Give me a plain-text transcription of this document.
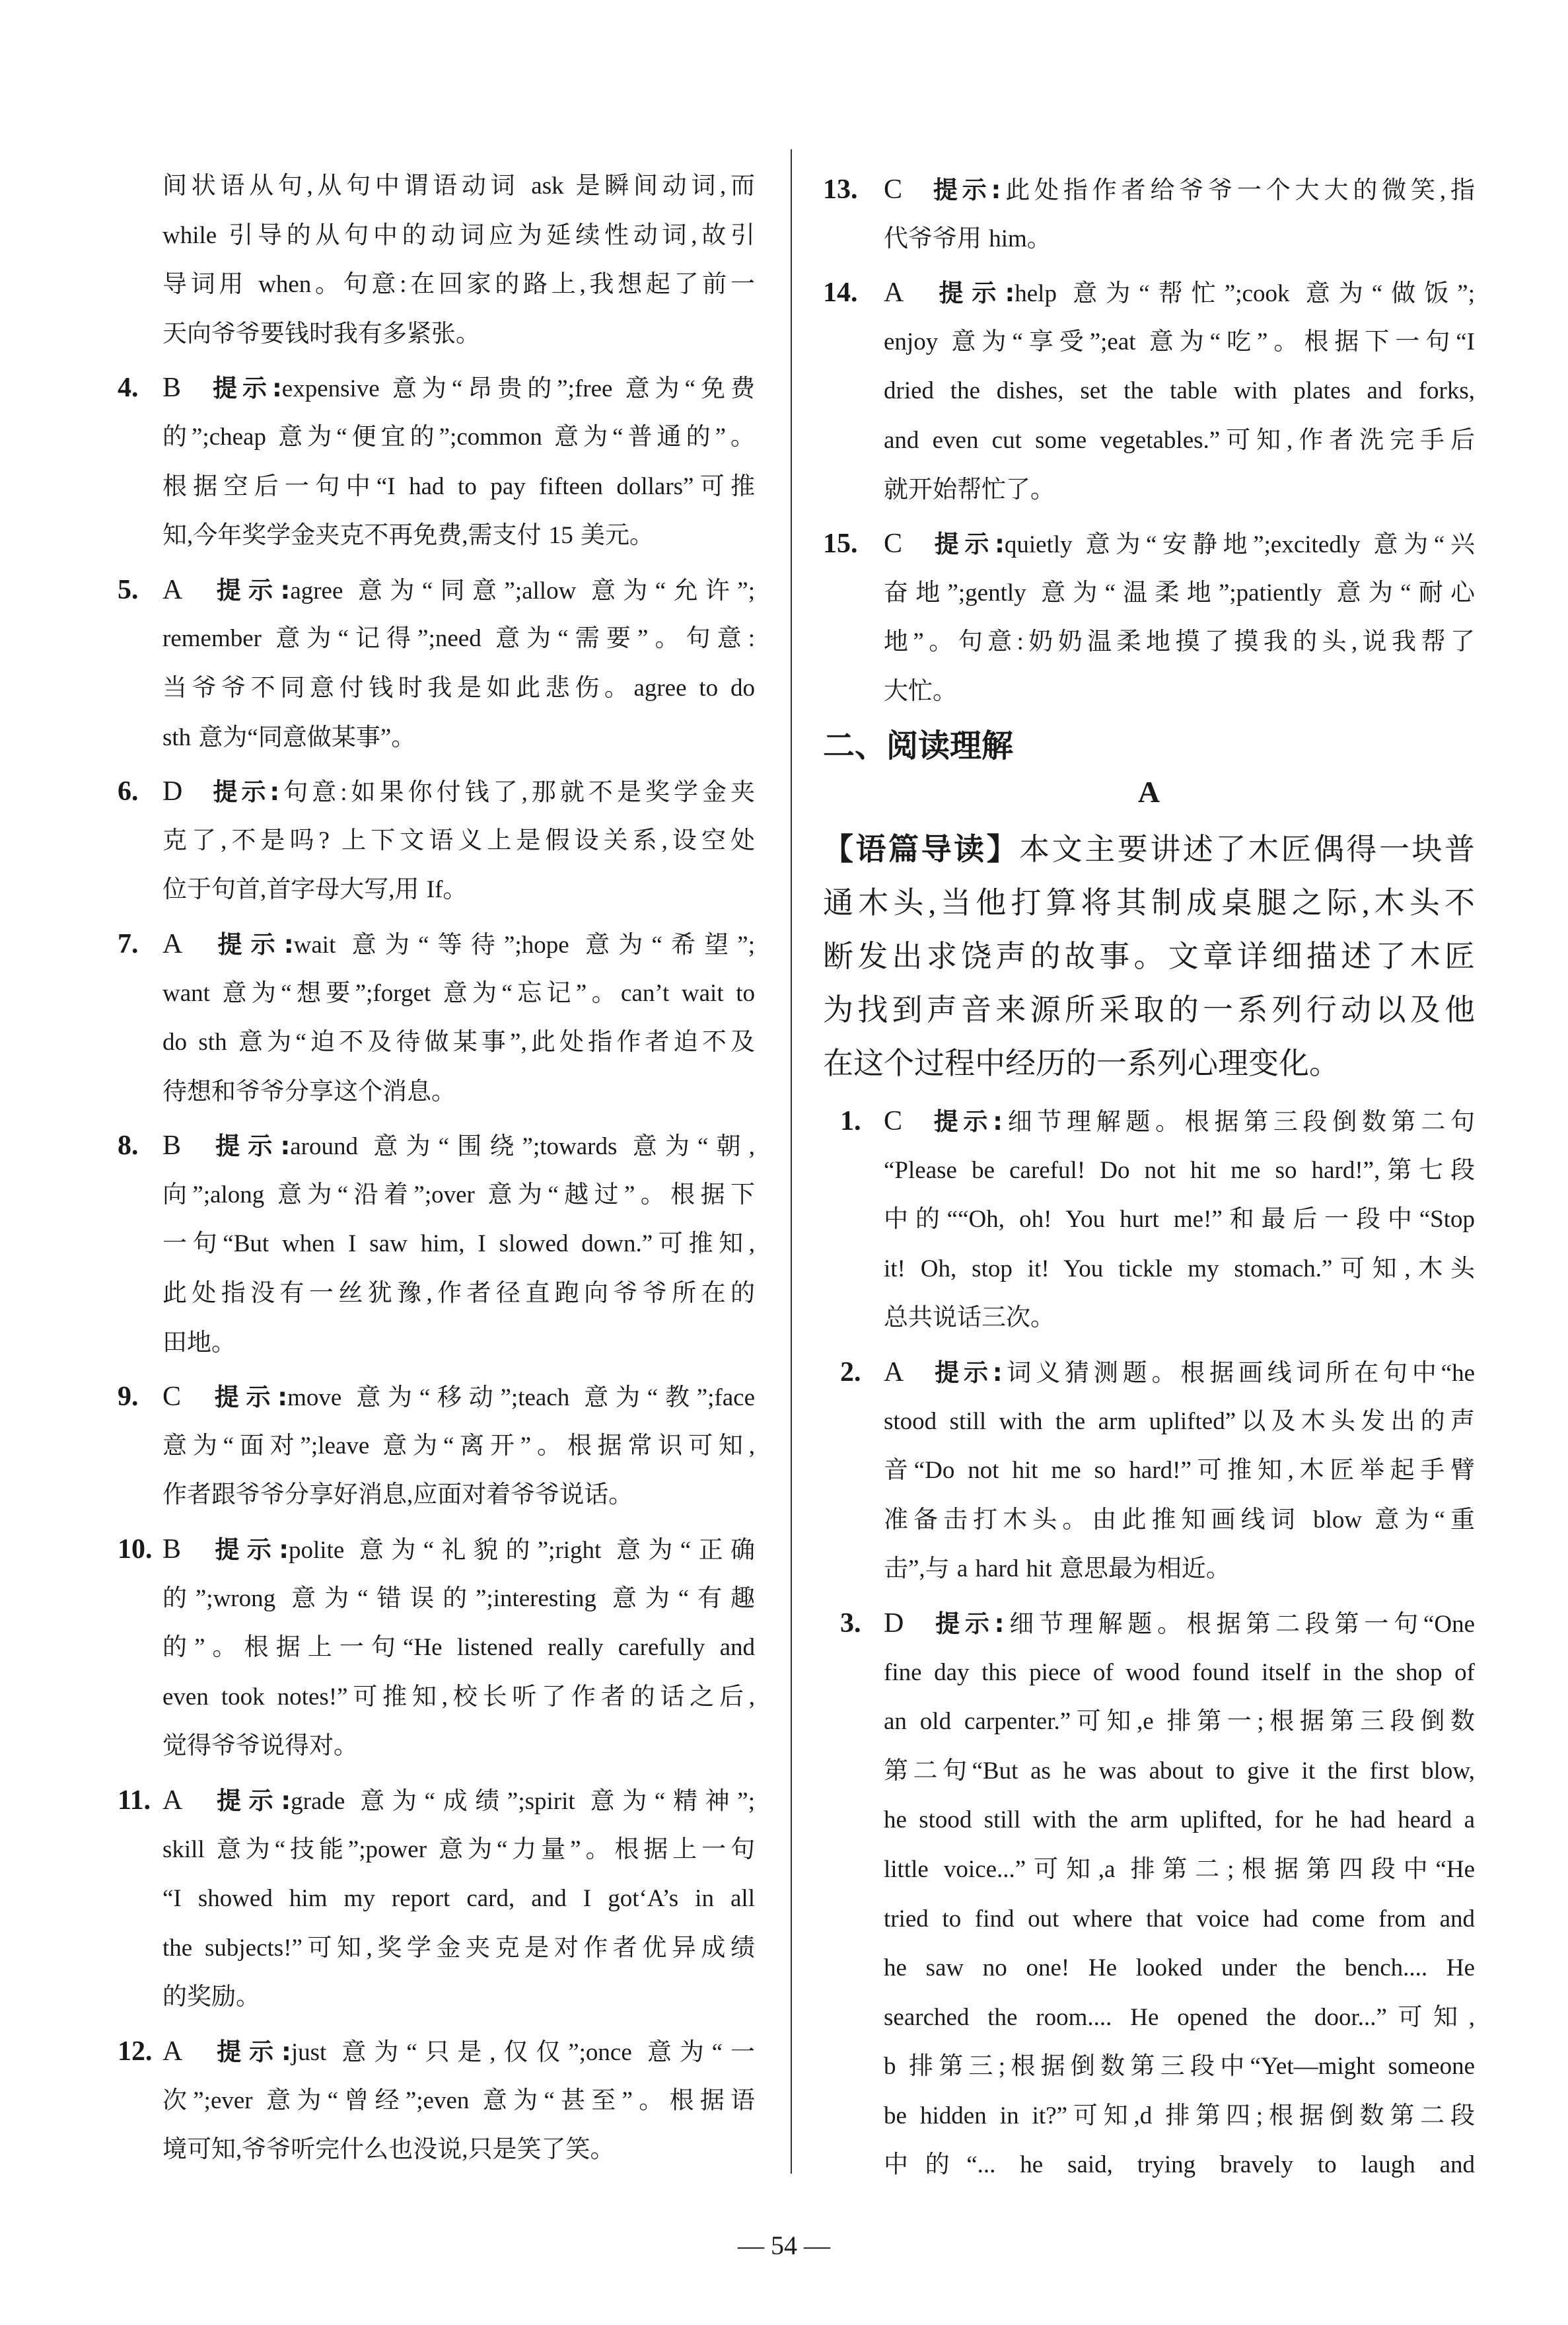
间状语从句,从句中谓语动词 ask 是瞬间动词,而
while 引导的从句中的动词应为延续性动词,故引
导词用 when。句意:在回家的路上,我想起了前一
天向爷爷要钱时我有多紧张。
4. B 提示:expensive 意为“昂贵的”;free 意为“免费
的”;cheap 意为“便宜的”;common 意为“普通的”。
根据空后一句中“I had to pay fifteen dollars”可推
知,今年奖学金夹克不再免费,需支付 15 美元。
5. A 提示:agree 意为“同意”;allow 意为“允许”;
remember 意为“记得”;need 意为“需要”。句意:
当爷爷不同意付钱时我是如此悲伤。agree to do
sth 意为“同意做某事”。
6. D 提示:句意:如果你付钱了,那就不是奖学金夹
克了,不是吗? 上下文语义上是假设关系,设空处
位于句首,首字母大写,用 If。
7. A 提示:wait 意为“等待”;hope 意为“希望”;
want 意为“想要”;forget 意为“忘记”。can’t wait to
do sth 意为“迫不及待做某事”,此处指作者迫不及
待想和爷爷分享这个消息。
8. B 提示:around 意为“围绕”;towards 意为“朝,
向”;along 意为“沿着”;over 意为“越过”。根据下
一句“But when I saw him, I slowed down.”可推知,
此处指没有一丝犹豫,作者径直跑向爷爷所在的
田地。
9. C 提示:move 意为“移动”;teach 意为“教”;face
意为“面对”;leave 意为“离开”。根据常识可知,
作者跟爷爷分享好消息,应面对着爷爷说话。
10. B 提示:polite 意为“礼貌的”;right 意为“正确
的”;wrong 意为“错误的”;interesting 意为“有趣
的”。根据上一句“He listened really carefully and
even took notes!”可推知,校长听了作者的话之后,
觉得爷爷说得对。
11. A 提示:grade 意为“成绩”;spirit 意为“精神”;
skill 意为“技能”;power 意为“力量”。根据上一句
“I showed him my report card, and I got‘A’s in all
the subjects!”可知,奖学金夹克是对作者优异成绩
的奖励。
12. A 提示:just 意为“只是,仅仅”;once 意为“一
次”;ever 意为“曾经”;even 意为“甚至”。根据语
境可知,爷爷听完什么也没说,只是笑了笑。
13. C 提示:此处指作者给爷爷一个大大的微笑,指
代爷爷用 him。
14. A 提示:help 意为“帮忙”;cook 意为“做饭”;
enjoy 意为“享受”;eat 意为“吃”。根据下一句“I
dried the dishes, set the table with plates and forks,
and even cut some vegetables.”可知,作者洗完手后
就开始帮忙了。
15. C 提示:quietly 意为“安静地”;excitedly 意为“兴
奋地”;gently 意为“温柔地”;patiently 意为“耐心
地”。句意:奶奶温柔地摸了摸我的头,说我帮了
大忙。
二、阅读理解
A
【语篇导读】本文主要讲述了木匠偶得一块普
通木头,当他打算将其制成桌腿之际,木头不
断发出求饶声的故事。文章详细描述了木匠
为找到声音来源所采取的一系列行动以及他
在这个过程中经历的一系列心理变化。
1. C 提示:细节理解题。根据第三段倒数第二句
“Please be careful! Do not hit me so hard!”,第七段
中的““Oh, oh! You hurt me!”和最后一段中“Stop
it! Oh, stop it! You tickle my stomach.”可知,木头
总共说话三次。
2. A 提示:词义猜测题。根据画线词所在句中“he
stood still with the arm uplifted”以及木头发出的声
音“Do not hit me so hard!”可推知,木匠举起手臂
准备击打木头。由此推知画线词 blow 意为“重
击”,与 a hard hit 意思最为相近。
3. D 提示:细节理解题。根据第二段第一句“One
fine day this piece of wood found itself in the shop of
an old carpenter.”可知,e 排第一;根据第三段倒数
第二句“But as he was about to give it the first blow,
he stood still with the arm uplifted, for he had heard a
little voice...”可知,a 排第二;根据第四段中“He
tried to find out where that voice had come from and
he saw no one! He looked under the bench.... He
searched the room.... He opened the door...”可知,
b 排第三;根据倒数第三段中“Yet—might someone
be hidden in it?”可知,d 排第四;根据倒数第二段
中的“... he said, trying bravely to laugh and
— 54 —
